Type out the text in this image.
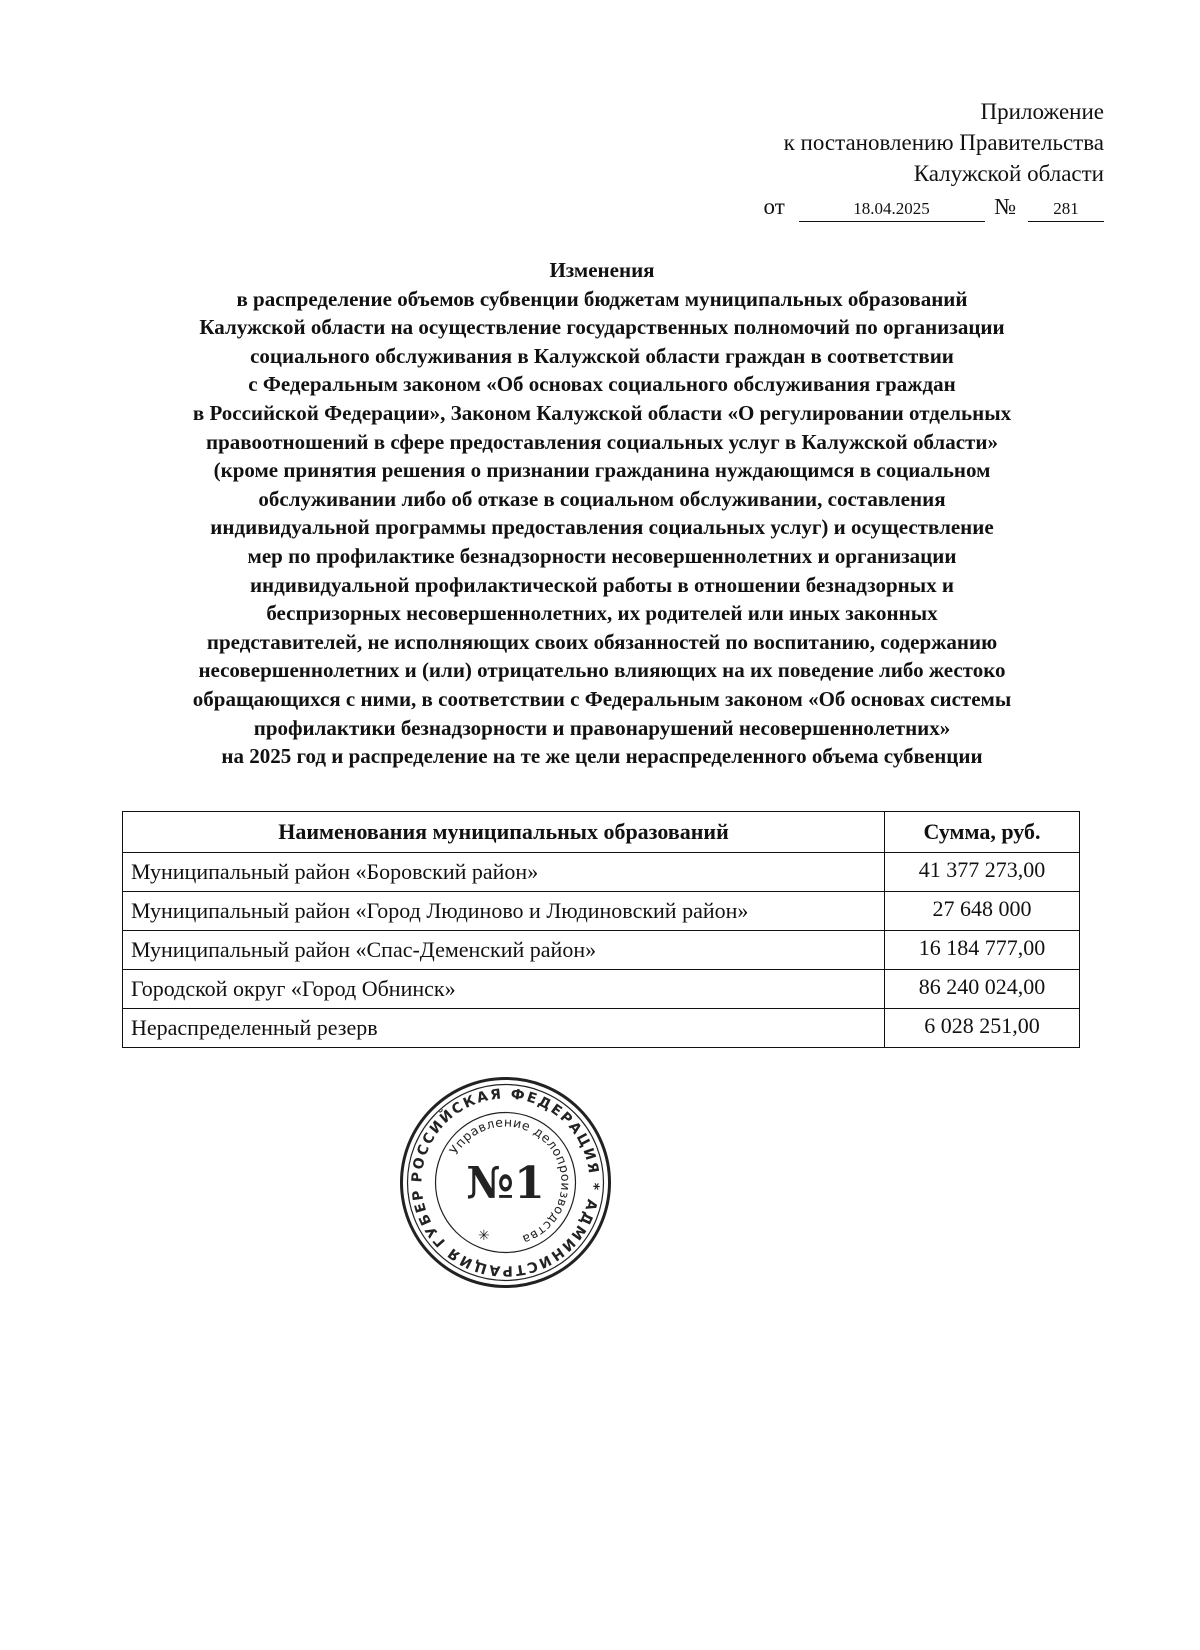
Приложение
к постановлению Правительства
Калужской области
от	18.04.2025	№ 281
Изменения
в распределение объемов субвенции бюджетам муниципальных образований
Калужской области на осуществление государственных полномочий по организации
социального обслуживания в Калужской области граждан в соответствии
с Федеральным законом «Об основах социального обслуживания граждан
в Российской Федерации», Законом Калужской области «О регулировании отдельных
правоотношений в сфере предоставления социальных услуг в Калужской области»
(кроме принятия решения о признании гражданина нуждающимся в социальном
обслуживании либо об отказе в социальном обслуживании, составления
индивидуальной программы предоставления социальных услуг) и осуществление
мер по профилактике безнадзорности несовершеннолетних и организации
индивидуальной профилактической работы в отношении безнадзорных и
беспризорных несовершеннолетних, их родителей или иных законных
представителей, не исполняющих своих обязанностей по воспитанию, содержанию
несовершеннолетних и (или) отрицательно влияющих на их поведение либо жестоко
обращающихся с ними, в соответствии с Федеральным законом «Об основах системы
профилактики безнадзорности и правонарушений несовершеннолетних»
на 2025 год и распределение на те же цели нераспределенного объема субвенции
Наименования муниципальных образований	Сумма, руб.
Муниципальный район «Боровский район»	41 377 273,00
Муниципальный район «Город Людиново и Людиновский район»	27 648 000
Муниципальный район «Спас-Деменский район»	16 184 777,00
Городской округ «Город Обнинск»	86 240 024,00
Нераспределенный резерв	6 028 251,00
РОССИЙСКАЯ ФЕДЕРАЦИЯ * АДМИНИСТРАЦИЯ ГУБЕР
Управление делопроизводства
№1
✳
